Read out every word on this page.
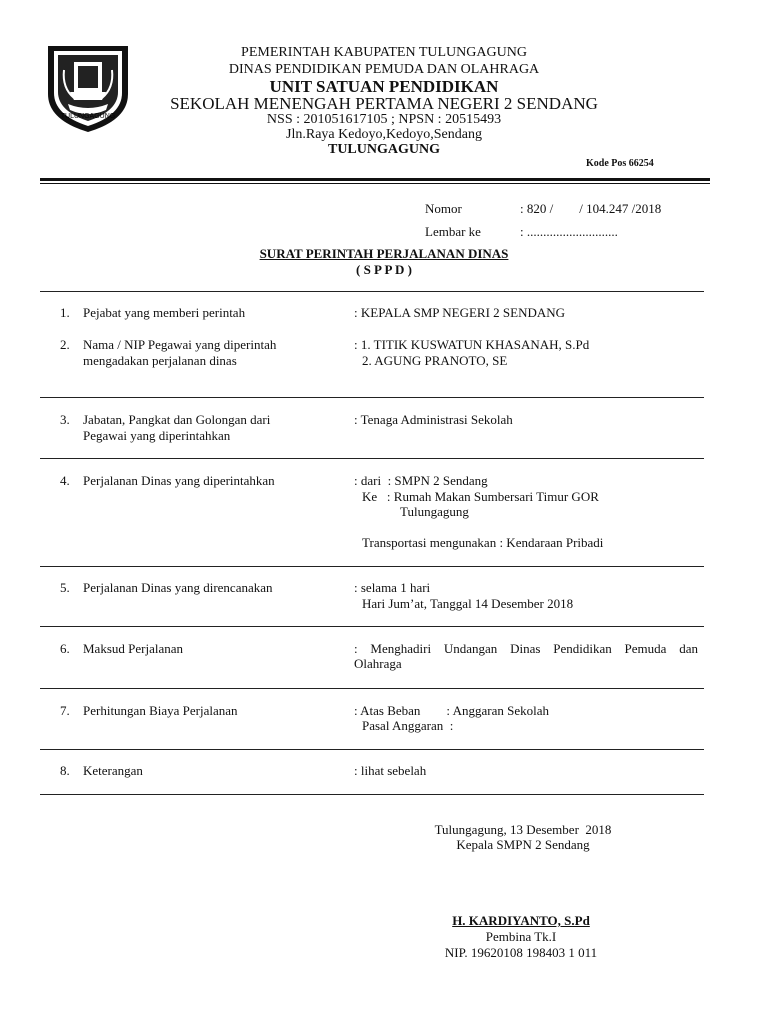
TULUNGAGUNG
PEMERINTAH KABUPATEN TULUNGAGUNG
DINAS PENDIDIKAN PEMUDA DAN OLAHRAGA
UNIT SATUAN PENDIDIKAN
SEKOLAH MENENGAH PERTAMA NEGERI 2 SENDANG
NSS : 201051617105 ; NPSN : 20515493
Jln.Raya Kedoyo,Kedoyo,Sendang
TULUNGAGUNG
Kode Pos 66254
Nomor	: 820 /        / 104.247 /2018
Lembar ke	: ............................
SURAT PERINTAH PERJALANAN DINAS
( S P P D )
1. Pejabat yang memberi perintah	: KEPALA SMP NEGERI 2 SENDANG
2. Nama / NIP Pegawai yang diperintah
mengadakan perjalanan dinas
: 1. TITIK KUSWATUN KHASANAH, S.Pd
2. AGUNG PRANOTO, SE
3. Jabatan, Pangkat dan Golongan dari
Pegawai yang diperintahkan
: Tenaga Administrasi Sekolah
4. Perjalanan Dinas yang diperintahkan	: dari  : SMPN 2 Sendang
Ke   : Rumah Makan Sumbersari Timur GOR
Tulungagung
Transportasi mengunakan : Kendaraan Pribadi
5. Perjalanan Dinas yang direncanakan	: selama 1 hari
Hari Jum’at, Tanggal 14 Desember 2018
6. Maksud Perjalanan	: Menghadiri Undangan Dinas Pendidikan Pemuda dan
Olahraga
7. Perhitungan Biaya Perjalanan	: Atas Beban        : Anggaran Sekolah
Pasal Anggaran  :
8. Keterangan	: lihat sebelah
Tulungagung, 13 Desember  2018
Kepala SMPN 2 Sendang
H. KARDIYANTO, S.Pd
Pembina Tk.I
NIP. 19620108 198403 1 011
